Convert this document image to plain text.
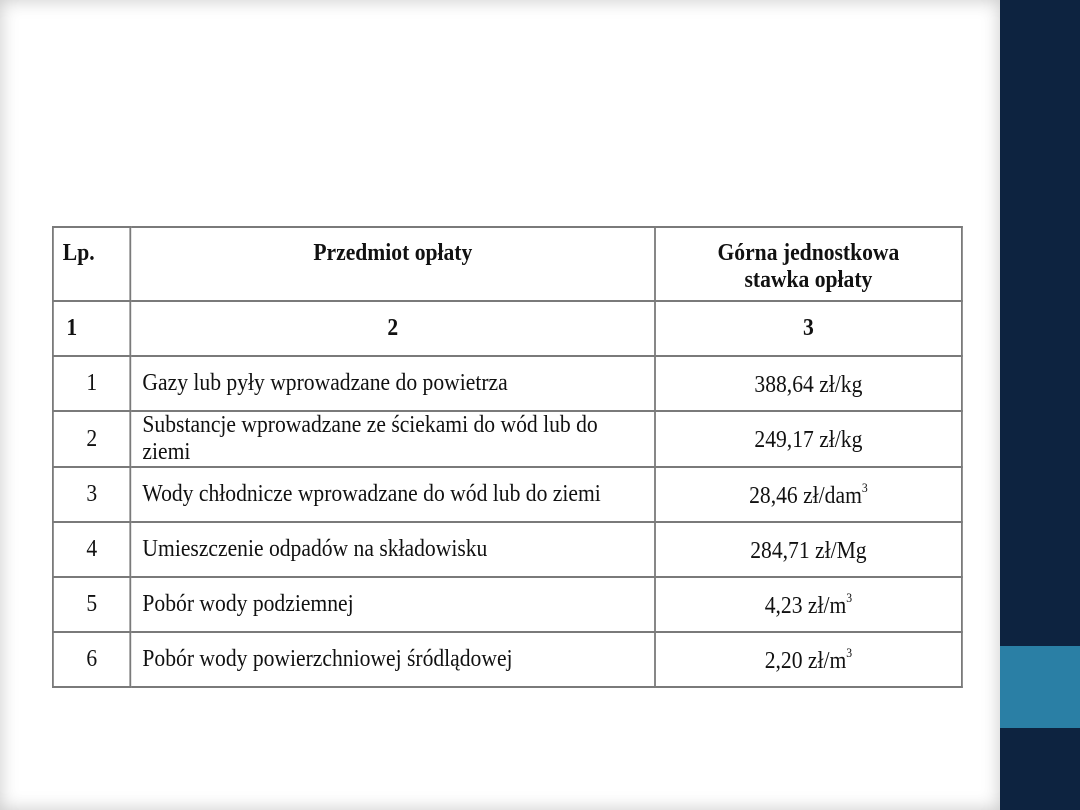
Lp.	Przedmiot opłaty	Górna jednostkowa
stawka opłaty

1	2	3
1	Gazy lub pyły wprowadzane do powietrza	388,64 zł/kg
2	Substancje wprowadzane ze ściekami do wód lub do ziemi	249,17 zł/kg
3	Wody chłodnicze wprowadzane do wód lub do ziemi	28,46 zł/dam$^3$
4	Umieszczenie odpadów na składowisku	284,71 zł/Mg
5	Pobór wody podziemnej	4,23 $zł/m^3$
6	Pobór wody powierzchniowej śródlądowej	2,20 $zł/m^3$
